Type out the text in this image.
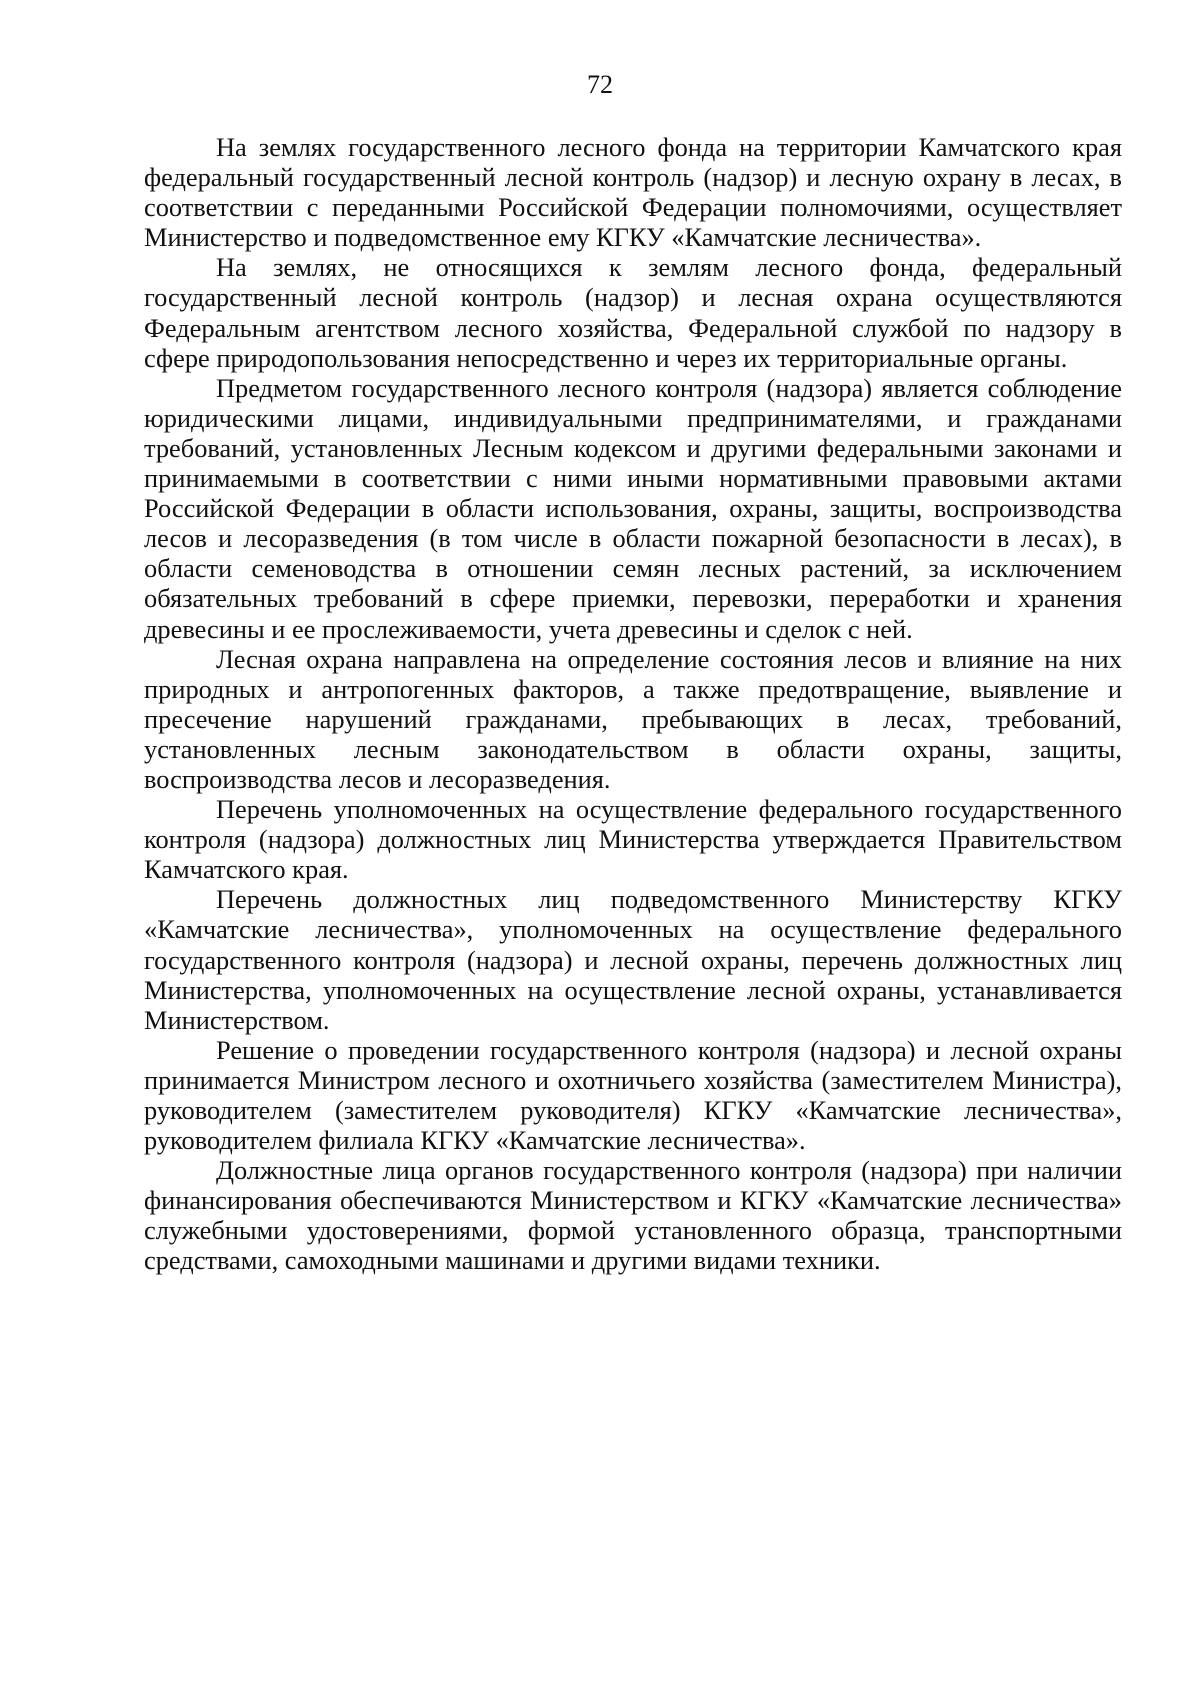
72

На землях государственного лесного фонда на территории Камчатского края федеральный государственный лесной контроль (надзор) и лесную охрану в лесах, в соответствии с переданными Российской Федерации полномочиями, осуществляет Министерство и подведомственное ему КГКУ «Камчатские лесничества».

На землях, не относящихся к землям лесного фонда, федеральный государственный лесной контроль (надзор) и лесная охрана осуществляются Федеральным агентством лесного хозяйства, Федеральной службой по надзору в сфере природопользования непосредственно и через их территориальные органы.

Предметом государственного лесного контроля (надзора) является соблюдение юридическими лицами, индивидуальными предпринимателями, и гражданами требований, установленных Лесным кодексом и другими федеральными законами и принимаемыми в соответствии с ними иными нормативными правовыми актами Российской Федерации в области использования, охраны, защиты, воспроизводства лесов и лесоразведения (в том числе в области пожарной безопасности в лесах), в области семеноводства в отношении семян лесных растений, за исключением обязательных требований в сфере приемки, перевозки, переработки и хранения древесины и ее прослеживаемости, учета древесины и сделок с ней.

Лесная охрана направлена на определение состояния лесов и влияние на них природных и антропогенных факторов, а также предотвращение, выявление и пресечение нарушений гражданами, пребывающих в лесах, требований, установленных лесным законодательством в области охраны, защиты, воспроизводства лесов и лесоразведения.

Перечень уполномоченных на осуществление федерального государственного контроля (надзора) должностных лиц Министерства утверждается Правительством Камчатского края.

Перечень должностных лиц подведомственного Министерству КГКУ «Камчатские лесничества», уполномоченных на осуществление федерального государственного контроля (надзора) и лесной охраны, перечень должностных лиц Министерства, уполномоченных на осуществление лесной охраны, устанавливается Министерством.

Решение о проведении государственного контроля (надзора) и лесной охраны принимается Министром лесного и охотничьего хозяйства (заместителем Министра), руководителем (заместителем руководителя) КГКУ «Камчатские лесничества», руководителем филиала КГКУ «Камчатские лесничества».

Должностные лица органов государственного контроля (надзора) при наличии финансирования обеспечиваются Министерством и КГКУ «Камчатские лесничества» служебными удостоверениями, формой установленного образца, транспортными средствами, самоходными машинами и другими видами техники.
